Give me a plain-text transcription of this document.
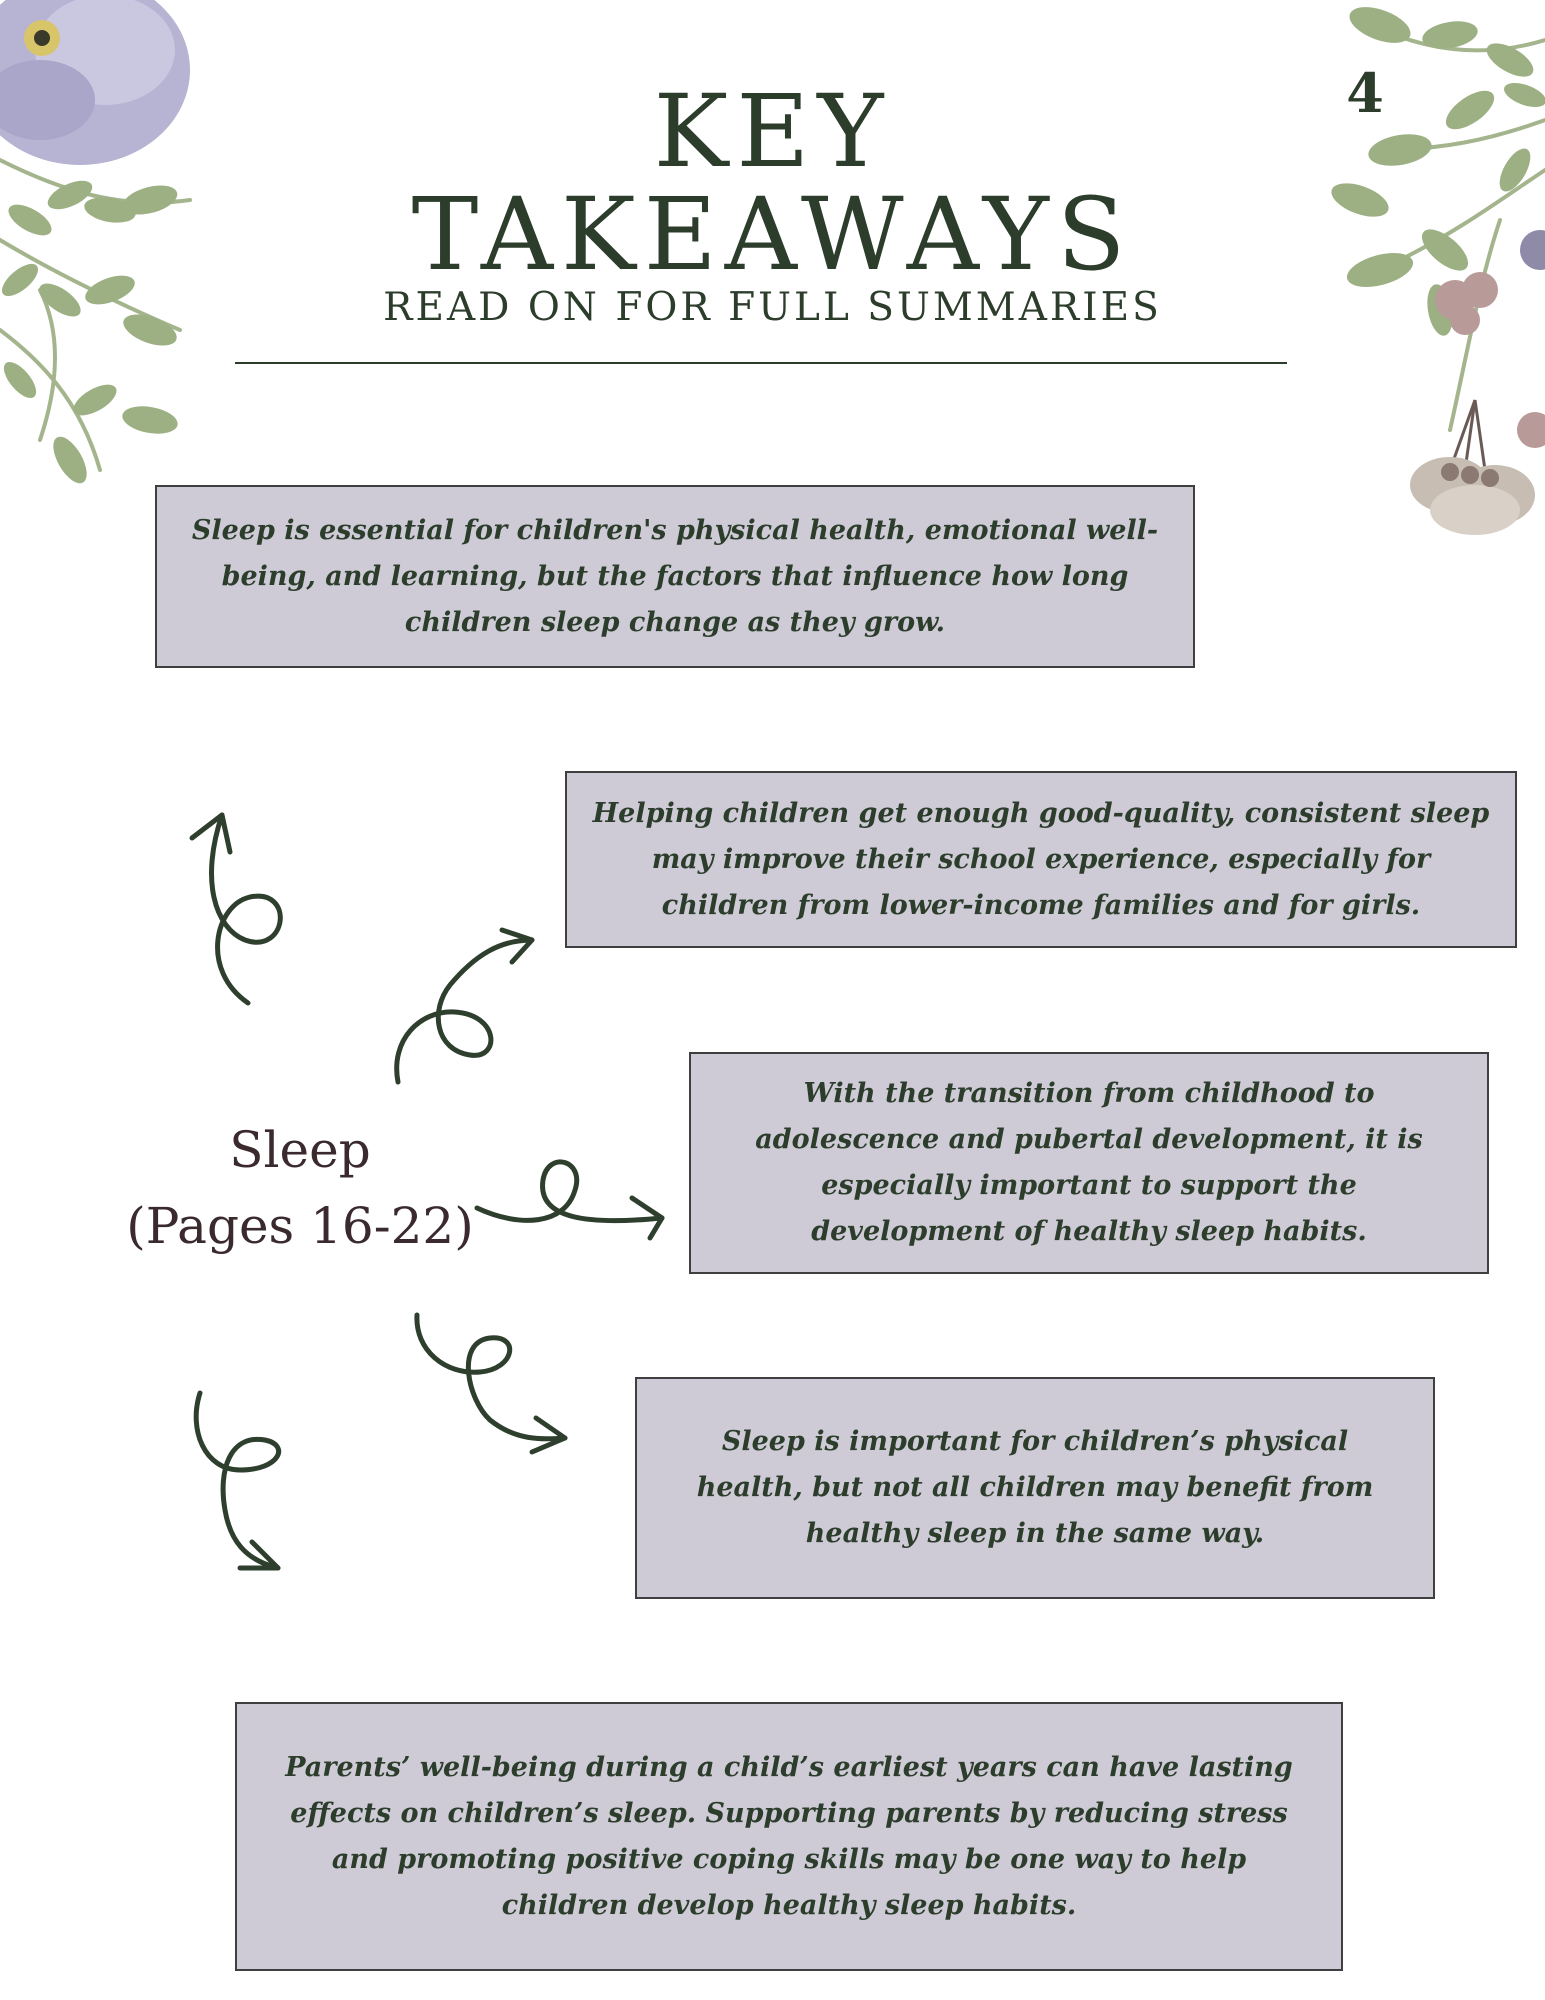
4
KEY
TAKEAWAYS

READ ON FOR FULL SUMMARIES

Sleep is essential for children's physical health, emotional well-being, and learning, but the factors that influence how long children sleep change as they grow.
Helping children get enough good-quality, consistent sleep may improve their school experience, especially for children from lower-income families and for girls.
With the transition from childhood to adolescence and pubertal development, it is especially important to support the development of healthy sleep habits.
Sleep is important for children’s physical health, but not all children may benefit from healthy sleep in the same way.
Parents’ well-being during a child’s earliest years can have lasting effects on children’s sleep. Supporting parents by reducing stress and promoting positive coping skills may be one way to help children develop healthy sleep habits.
Sleep
(Pages 16-22)
